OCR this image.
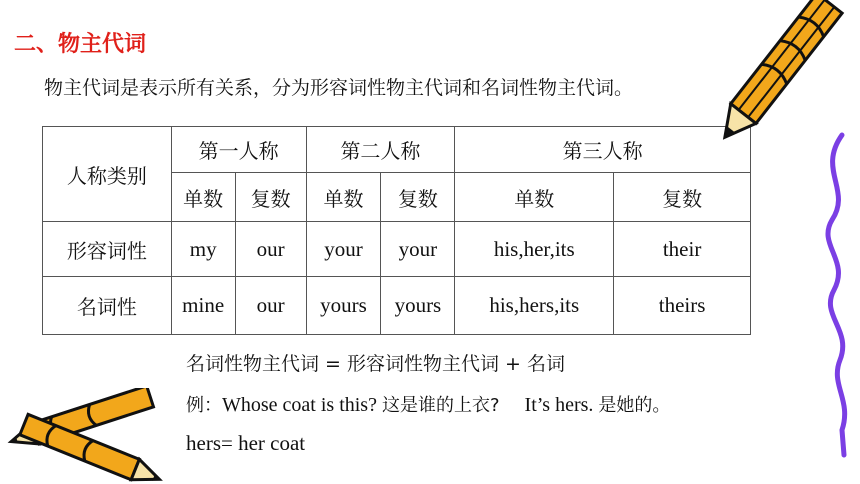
二、物主代词
物主代词是表示所有关系，分为形容词性物主代词和名词性物主代词。
人称类别	第一人称		第二人称		第三人称	
	单数	复数	单数	复数	单数	复数
形容词性	my	our	your	your	his,her,its	their
名词性	mine	our	yours	yours	his,hers,its	theirs
名词性物主代词 = 形容词性物主代词 + 名词
例：Whose coat is this? 这是谁的上衣? It’s hers. 是她的。
hers= her coat
